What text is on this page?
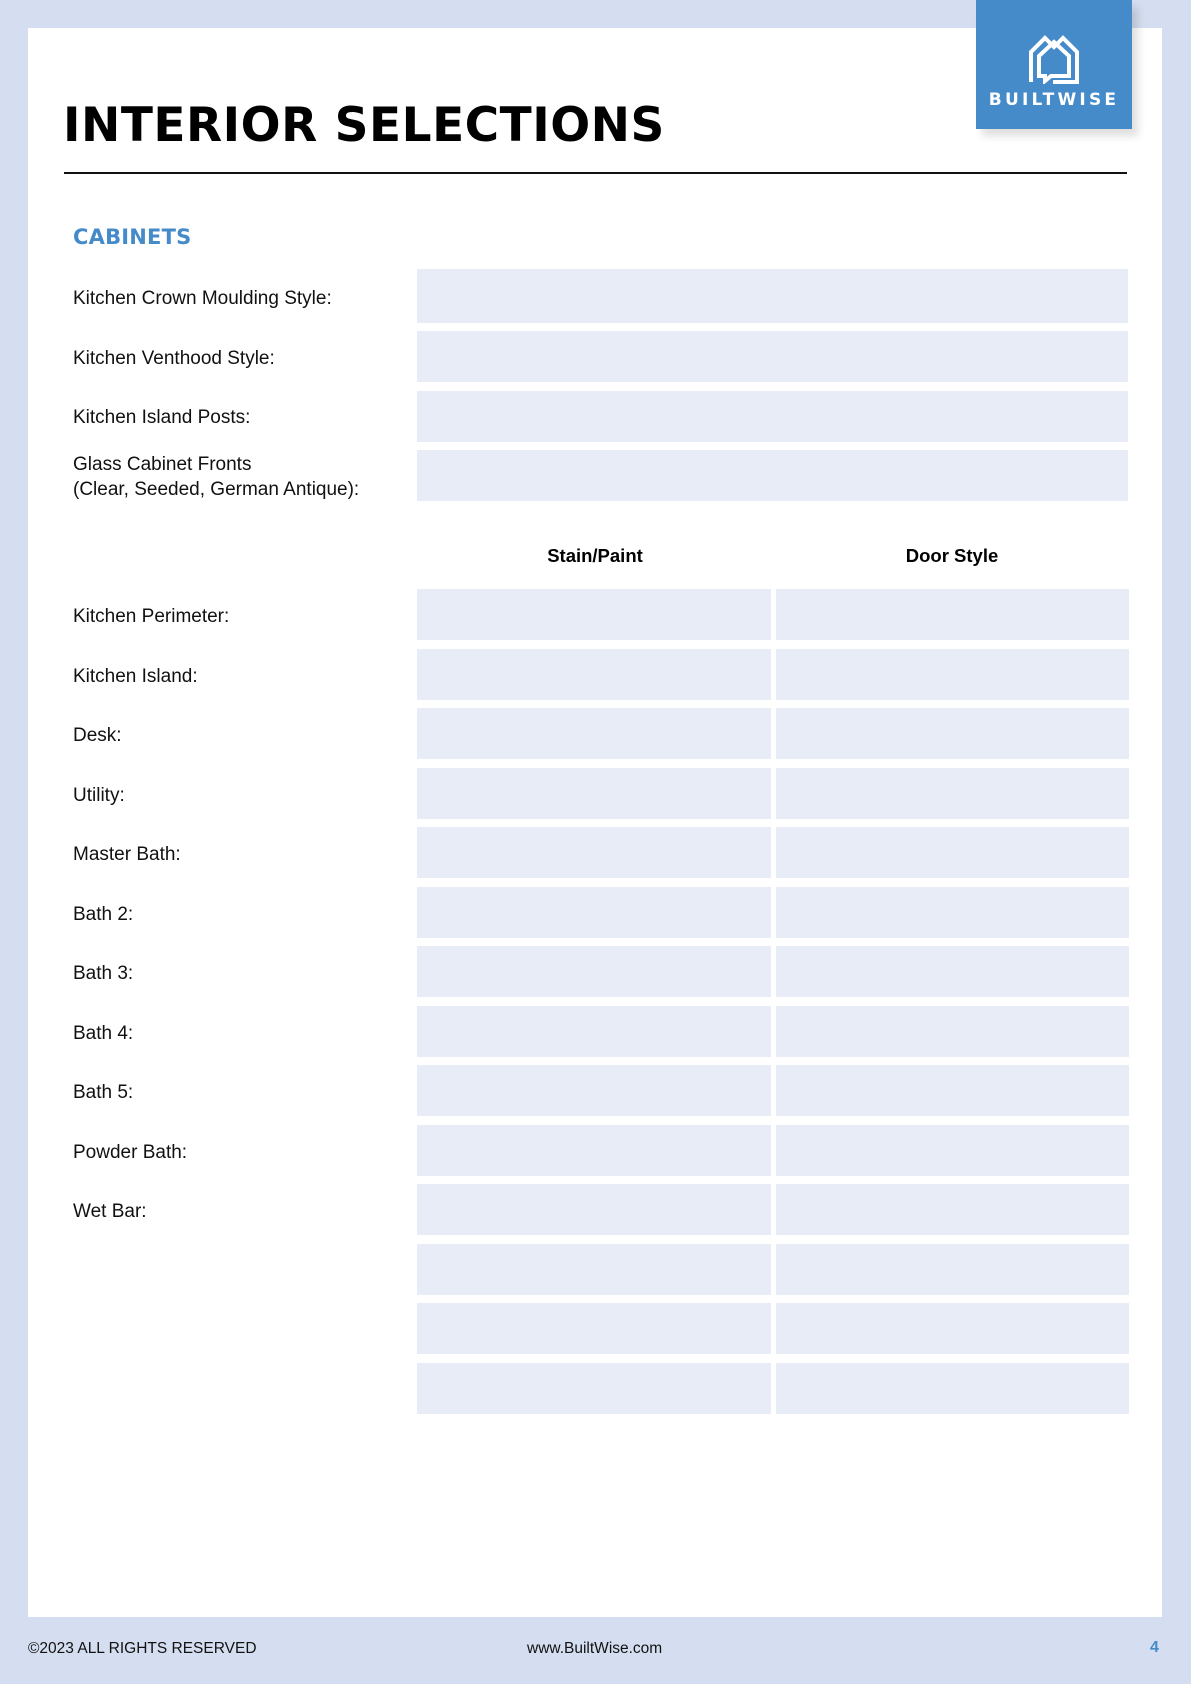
BUILTWISE
INTERIOR SELECTIONS
CABINETS
Kitchen Crown Moulding Style:
Kitchen Venthood Style:
Kitchen Island Posts:
Glass Cabinet Fronts
(Clear, Seeded, German Antique):
Stain/Paint	Door Style
Kitchen Perimeter:
Kitchen Island:
Desk:
Utility:
Master Bath:
Bath 2:
Bath 3:
Bath 4:
Bath 5:
Powder Bath:
Wet Bar:
©2023 ALL RIGHTS RESERVED	www.BuiltWise.com	4
